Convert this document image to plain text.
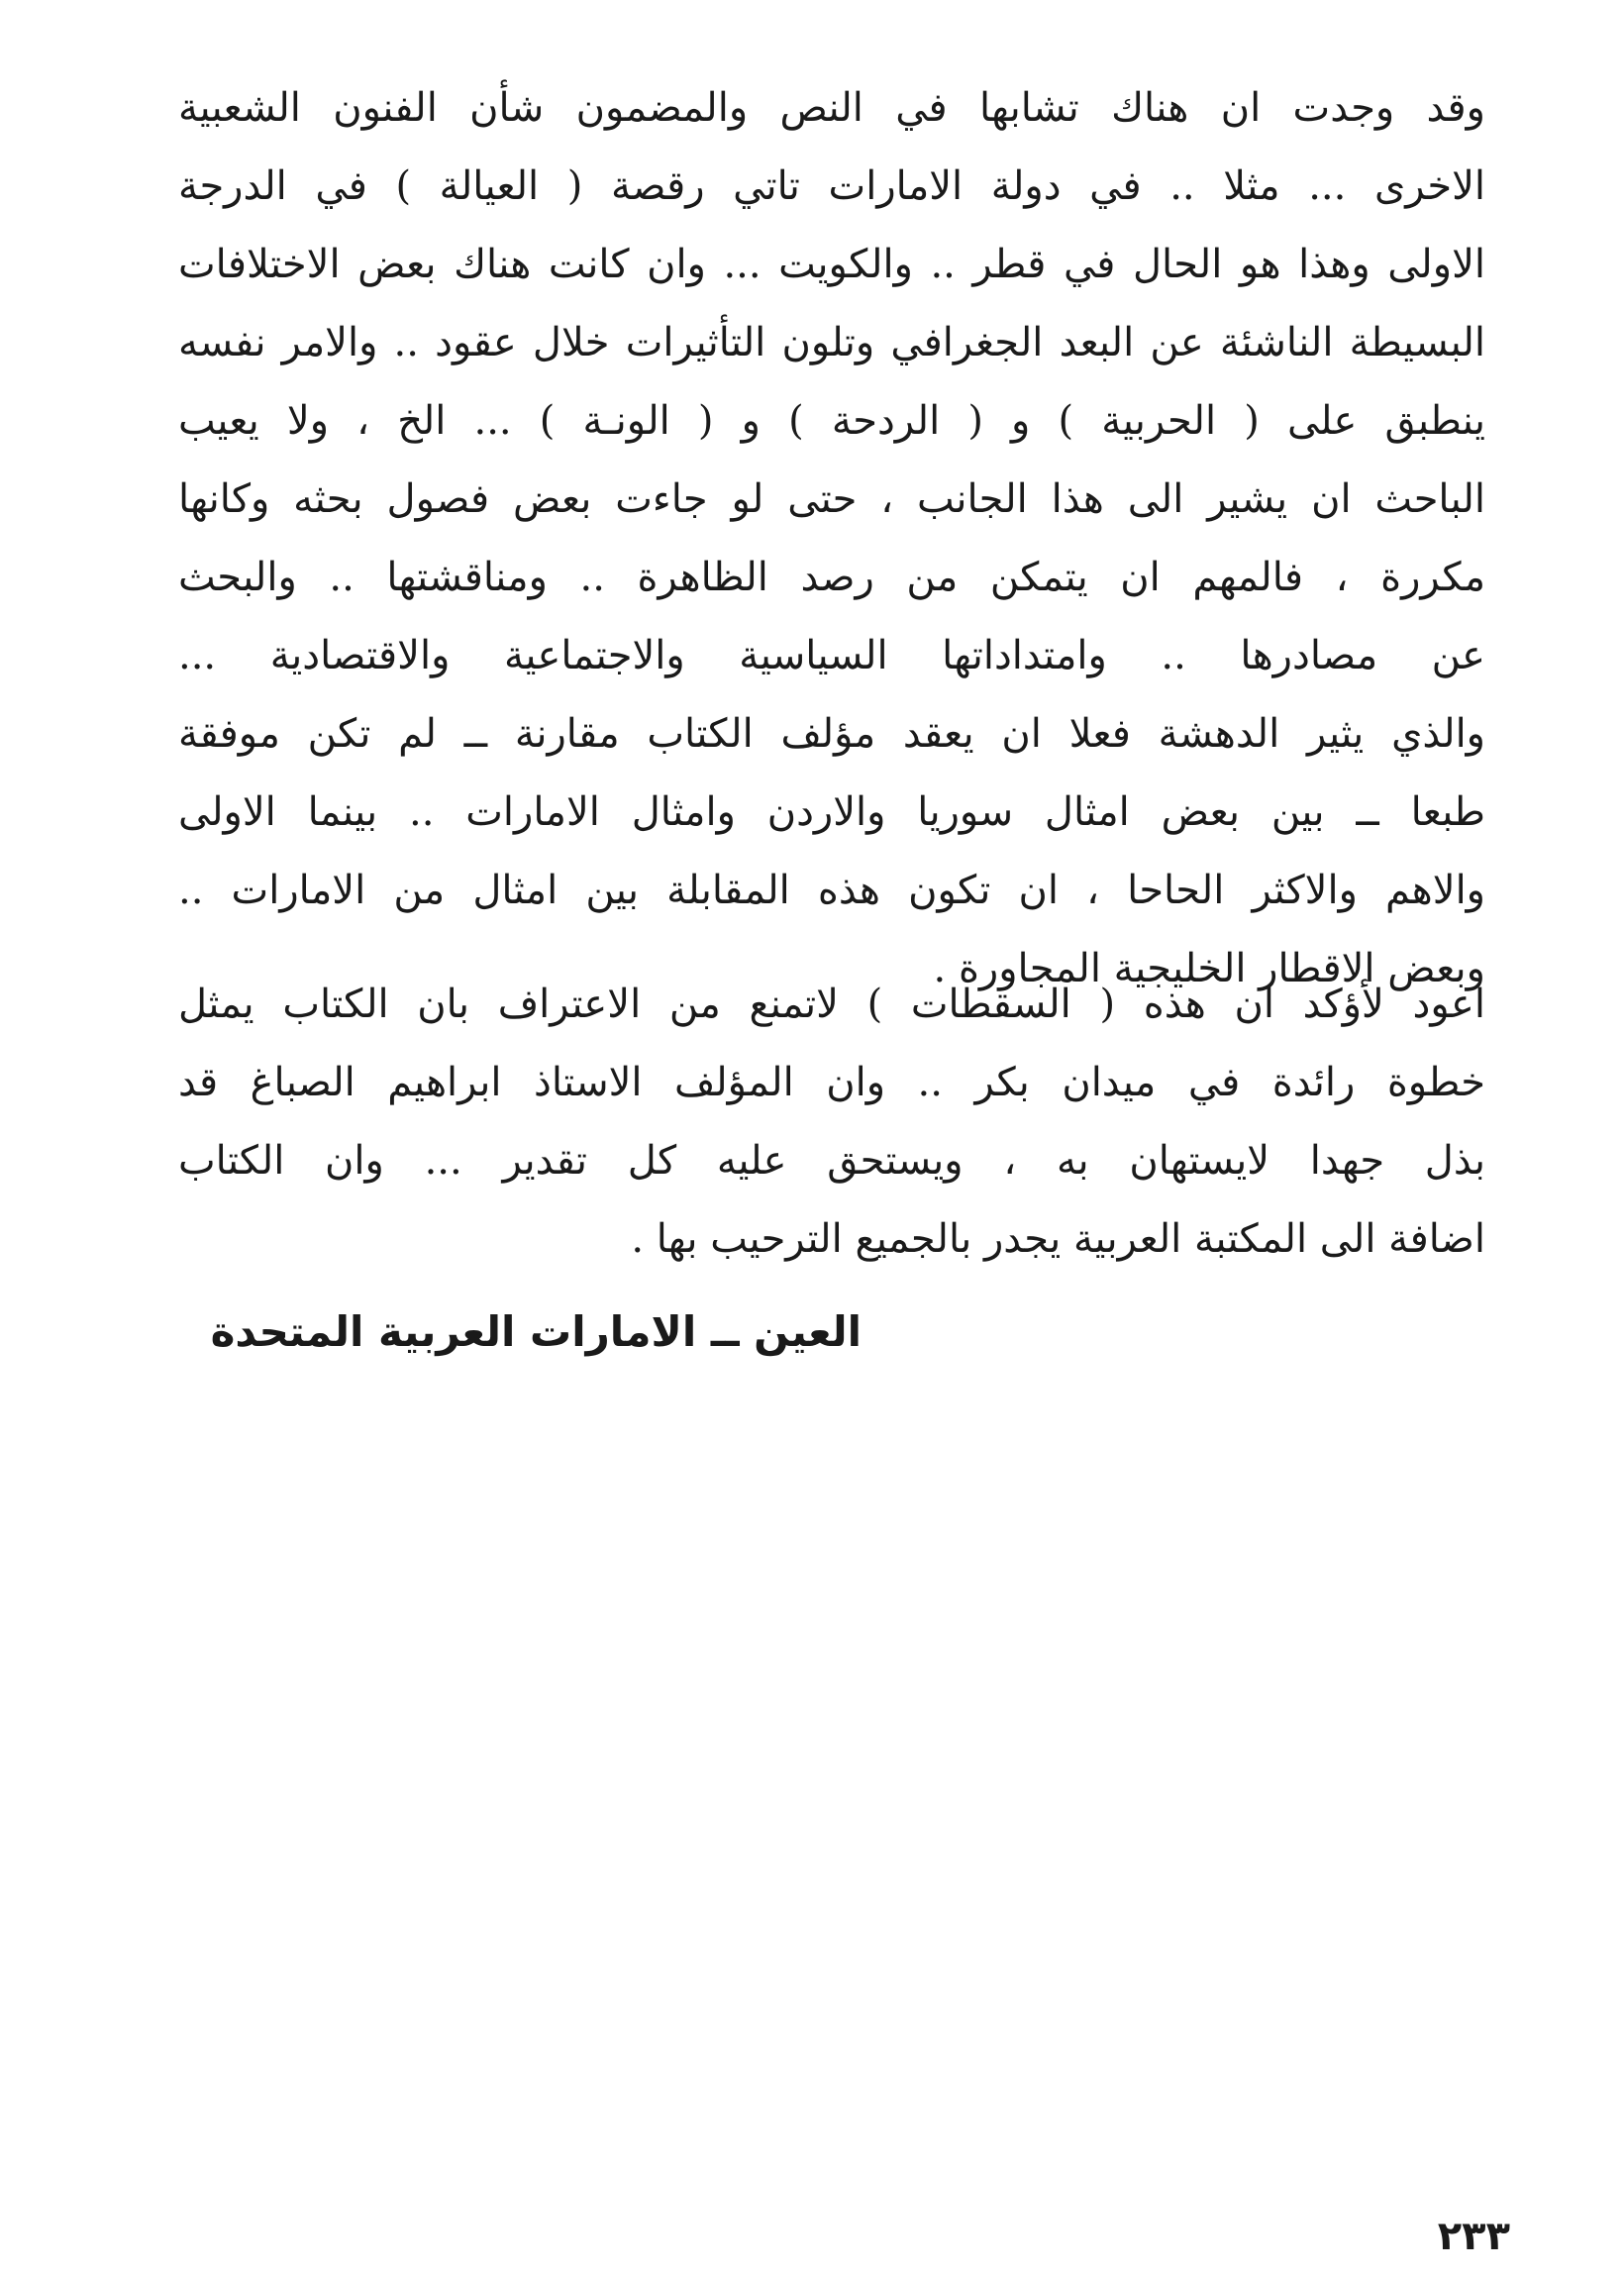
وقد وجدت ان هناك تشابها في النص والمضمون شأن الفنون الشعبية
الاخرى ... مثلا .. في دولة الامارات تاتي رقصة ( العيالة ) في الدرجة
الاولى وهذا هو الحال في قطر .. والكويت ... وان كانت هناك بعض الاختلافات
البسيطة الناشئة عن البعد الجغرافي وتلون التأثيرات خلال عقود .. والامر نفسه
ينطبق على ( الحربية ) و ( الردحة ) و ( الونـة ) ... الخ ، ولا يعيب
الباحث ان يشير الى هذا الجانب ، حتى لو جاءت بعض فصول بحثه وكانها
مكررة ، فالمهم ان يتمكن من رصد الظاهرة .. ومناقشتها .. والبحث
عن مصادرها .. وامتداداتها السياسية والاجتماعية والاقتصادية ...
والذي يثير الدهشة فعلا ان يعقد مؤلف الكتاب مقارنة ــ لم تكن موفقة
طبعا ــ بين بعض امثال سوريا والاردن وامثال الامارات .. بينما الاولى
والاهم والاكثر الحاحا ، ان تكون هذه المقابلة بين امثال من الامارات ..
وبعض الاقطار الخليجية المجاورة .
اعود لأؤكد ان هذه ( السقطات ) لاتمنع من الاعتراف بان الكتاب يمثل
خطوة رائدة في ميدان بكر .. وان المؤلف الاستاذ ابراهيم الصباغ قد
بذل جهدا لايستهان به ، ويستحق عليه كل تقدير ... وان الكتاب
اضافة الى المكتبة العربية يجدر بالجميع الترحيب بها .
العين ــ الامارات العربية المتحدة
٢٣٣
